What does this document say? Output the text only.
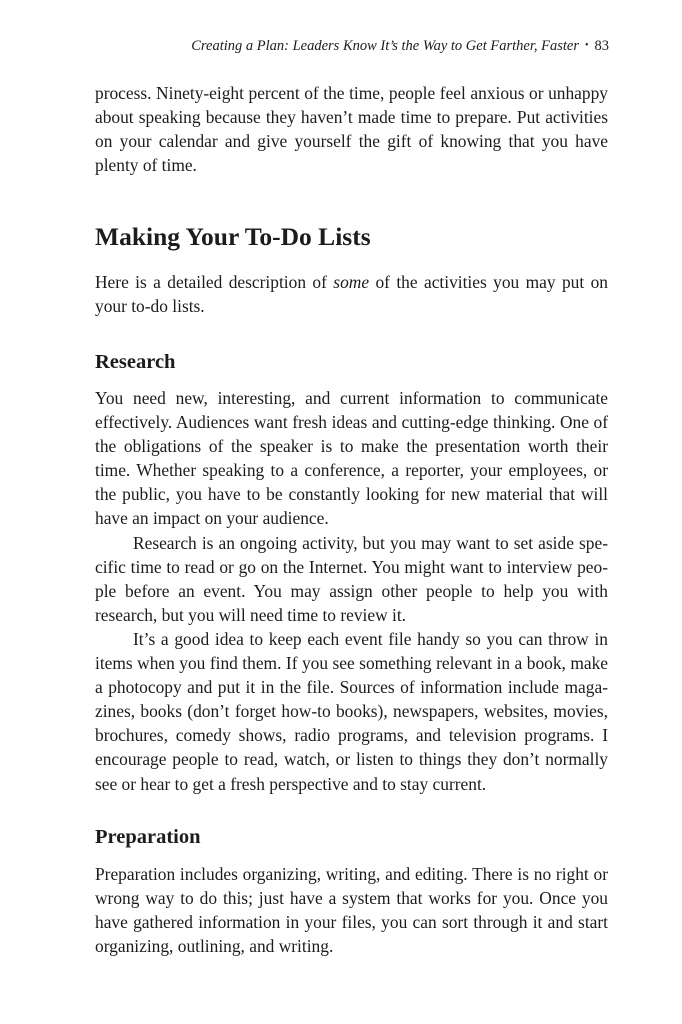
Creating a Plan: Leaders Know It’s the Way to Get Farther, Faster • 83

process. Ninety-eight percent of the time, people feel anxious or unhappy about speaking because they haven’t made time to prepare. Put activities on your calendar and give yourself the gift of knowing that you have plenty of time.

Making Your To-Do Lists

Here is a detailed description of some of the activities you may put on your to-do lists.

Research

You need new, interesting, and current information to communicate effectively. Audiences want fresh ideas and cutting-edge thinking. One of the obligations of the speaker is to make the presentation worth their time. Whether speaking to a conference, a reporter, your employees, or the public, you have to be constantly looking for new material that will have an impact on your audience.

Research is an ongoing activity, but you may want to set aside specific time to read or go on the Internet. You might want to interview people before an event. You may assign other people to help you with research, but you will need time to review it.

It’s a good idea to keep each event file handy so you can throw in items when you find them. If you see something relevant in a book, make a photocopy and put it in the file. Sources of information include magazines, books (don’t forget how-to books), newspapers, websites, movies, brochures, comedy shows, radio programs, and television programs. I encourage people to read, watch, or listen to things they don’t normally see or hear to get a fresh perspective and to stay current.

Preparation

Preparation includes organizing, writing, and editing. There is no right or wrong way to do this; just have a system that works for you. Once you have gathered information in your files, you can sort through it and start organizing, outlining, and writing.
